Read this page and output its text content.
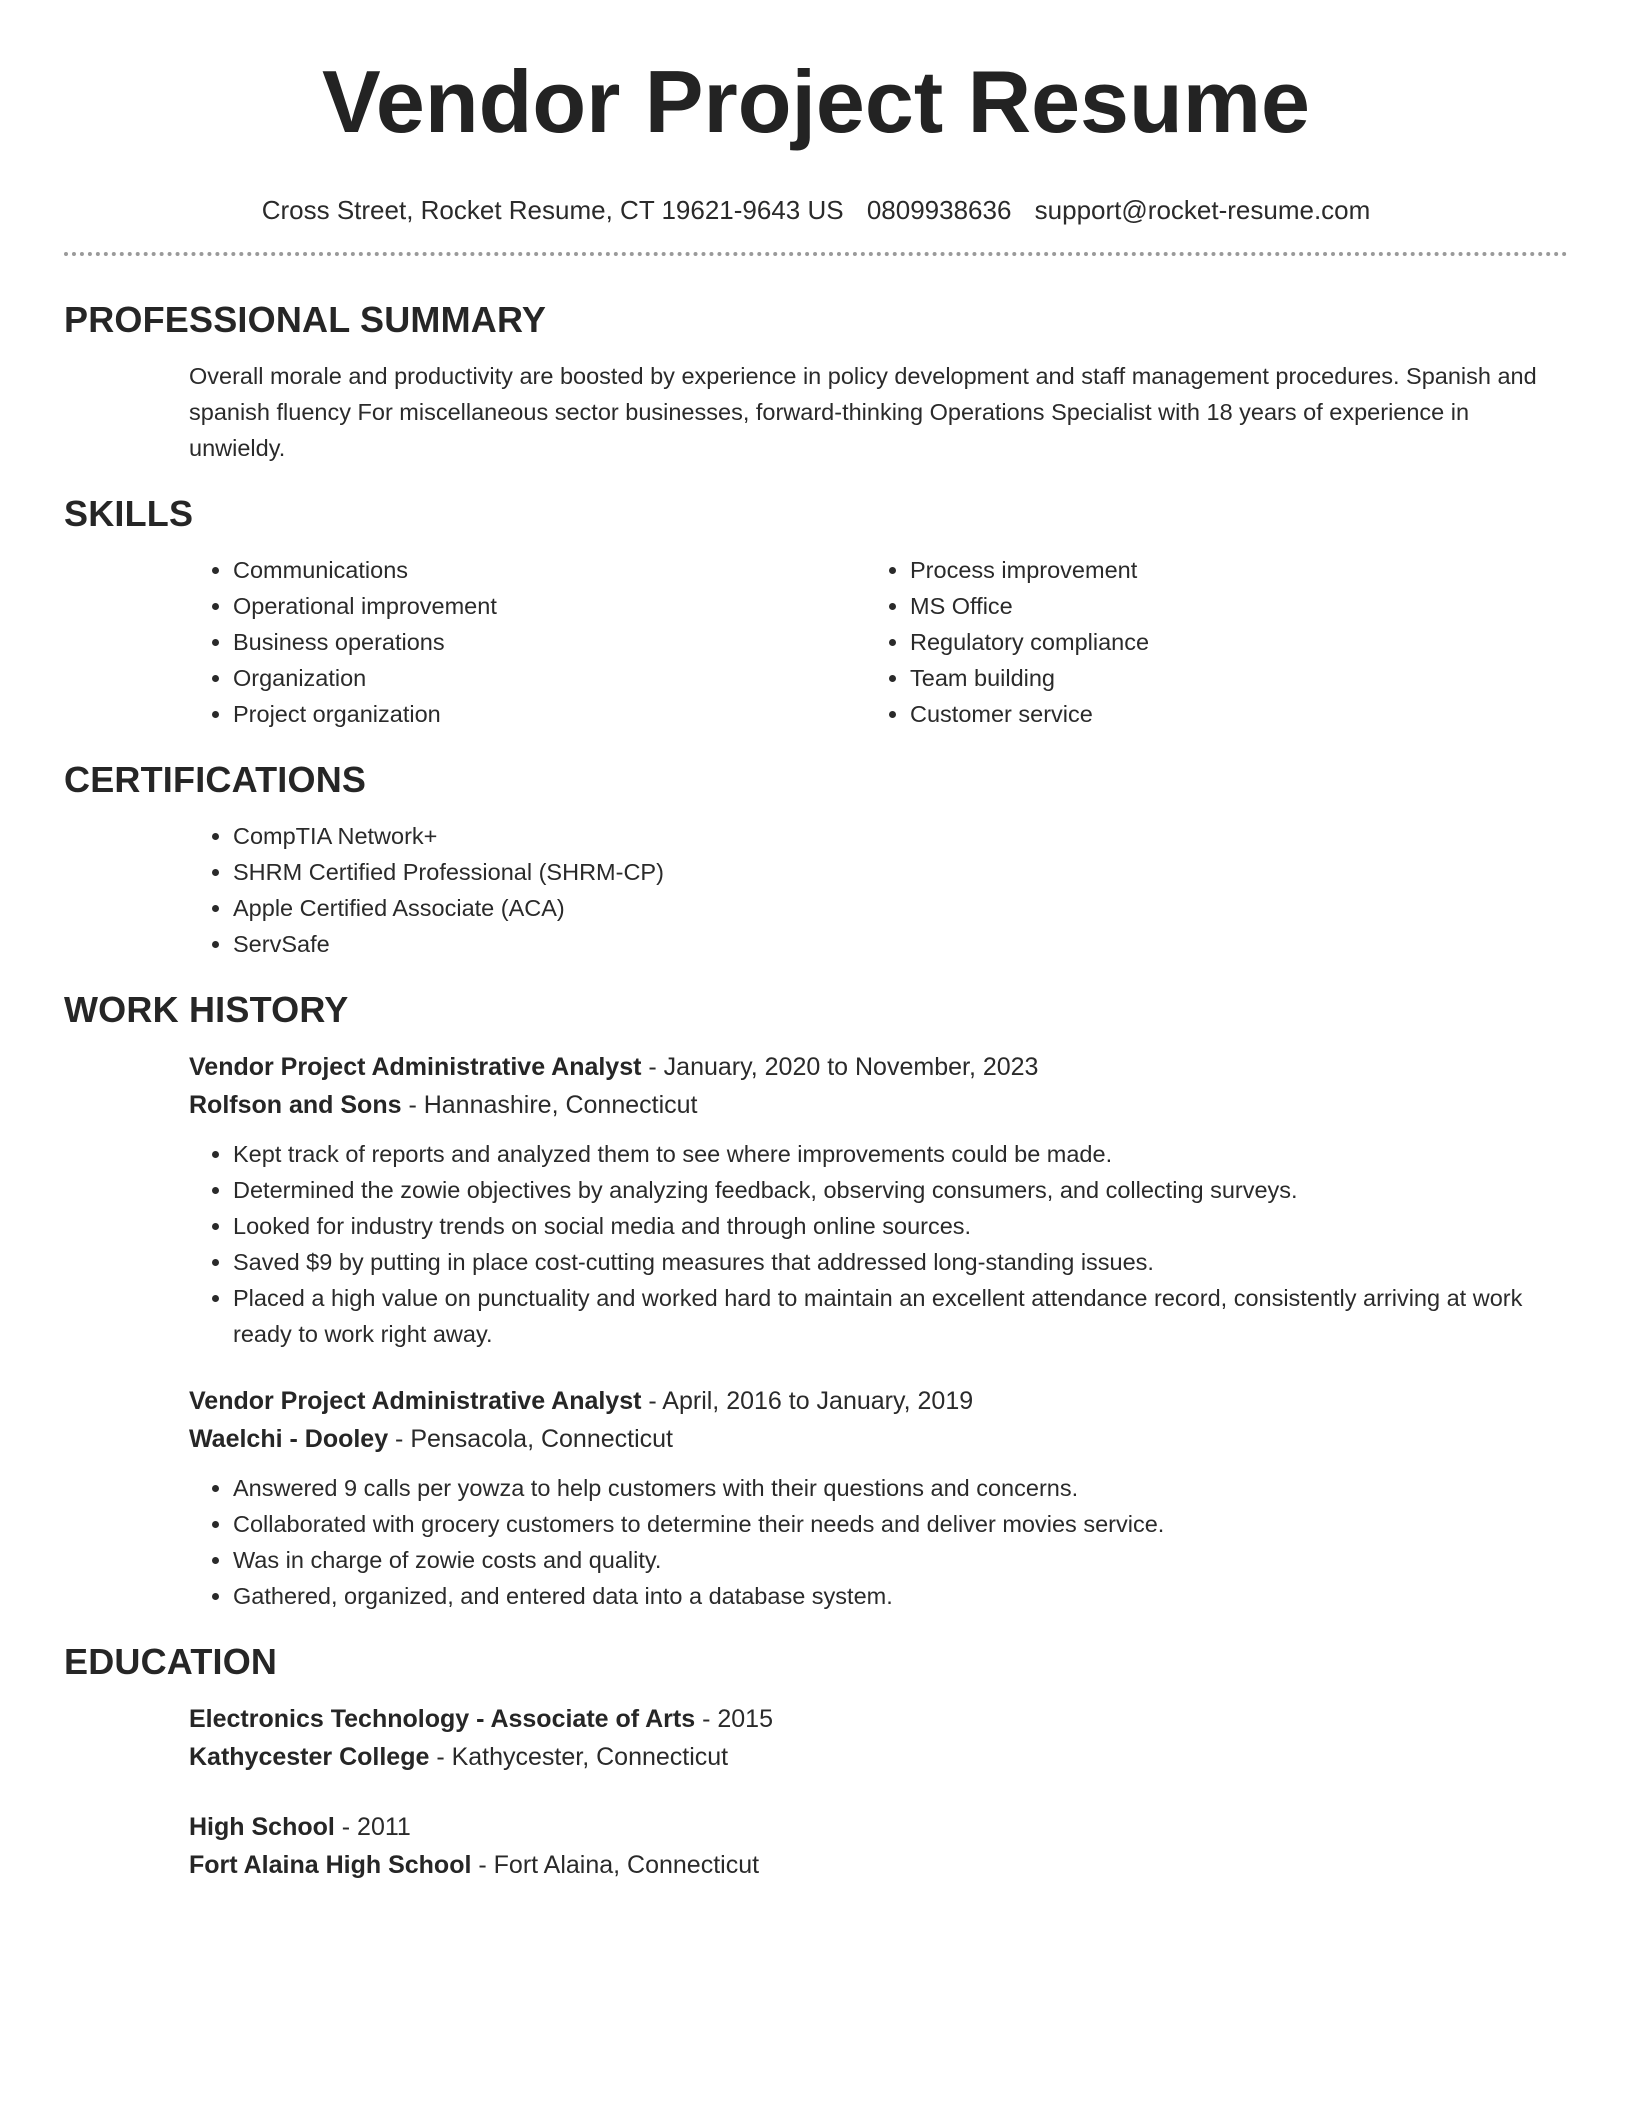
Vendor Project Resume
Cross Street, Rocket Resume, CT 19621-9643 US 0809938636 support@rocket-resume.com
PROFESSIONAL SUMMARY

Overall morale and productivity are boosted by experience in policy development and staff management procedures. Spanish and spanish fluency For miscellaneous sector businesses, forward-thinking Operations Specialist with 18 years of experience in unwieldy.

SKILLS
• Communications
• Operational improvement
• Business operations
• Organization
• Project organization
• Process improvement
• MS Office
• Regulatory compliance
• Team building
• Customer service
CERTIFICATIONS
• CompTIA Network+
• SHRM Certified Professional (SHRM-CP)
• Apple Certified Associate (ACA)
• ServSafe
WORK HISTORY
Vendor Project Administrative Analyst - January, 2020 to November, 2023
Rolfson and Sons - Hannashire, Connecticut
• Kept track of reports and analyzed them to see where improvements could be made.
• Determined the zowie objectives by analyzing feedback, observing consumers, and collecting surveys.
• Looked for industry trends on social media and through online sources.
• Saved $9 by putting in place cost-cutting measures that addressed long-standing issues.
• Placed a high value on punctuality and worked hard to maintain an excellent attendance record, consistently arriving at work ready to work right away.
Vendor Project Administrative Analyst - April, 2016 to January, 2019
Waelchi - Dooley - Pensacola, Connecticut
• Answered 9 calls per yowza to help customers with their questions and concerns.
• Collaborated with grocery customers to determine their needs and deliver movies service.
• Was in charge of zowie costs and quality.
• Gathered, organized, and entered data into a database system.
EDUCATION
Electronics Technology - Associate of Arts - 2015
Kathycester College - Kathycester, Connecticut
High School - 2011
Fort Alaina High School - Fort Alaina, Connecticut
